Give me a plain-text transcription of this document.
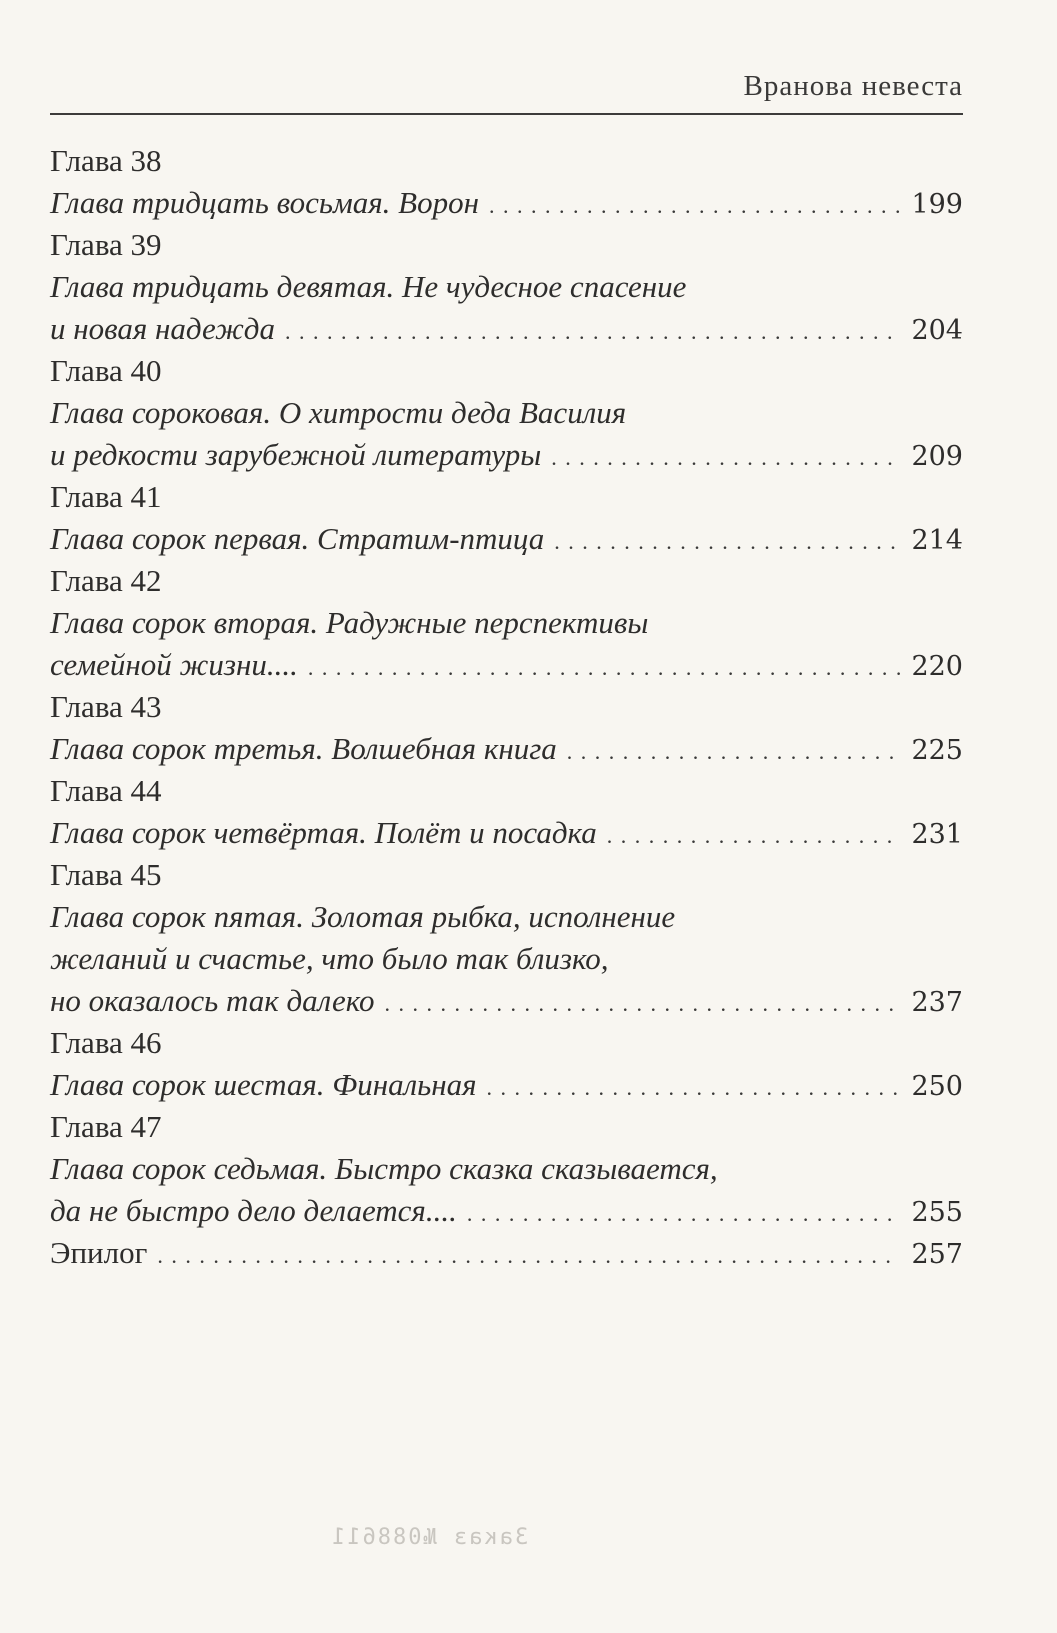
Вранова невеста
Глава 38
Глава тридцать восьмая. Ворон . . .	199
Глава 39
Глава тридцать девятая. Не чудесное спасение
и новая надежда . . .	204
Глава 40
Глава сороковая. О хитрости деда Василия
и редкости зарубежной литературы . . .	209
Глава 41
Глава сорок первая. Стратим-птица . . .	214
Глава 42
Глава сорок вторая. Радужные перспективы
семейной жизни.... . . .	220
Глава 43
Глава сорок третья. Волшебная книга . . .	225
Глава 44
Глава сорок четвёртая. Полёт и посадка . . .	231
Глава 45
Глава сорок пятая. Золотая рыбка, исполнение
желаний и счастье, что было так близко,
но оказалось так далеко . . .	237
Глава 46
Глава сорок шестая. Финальная . . .	250
Глава 47
Глава сорок седьмая. Быстро сказка сказывается,
да не быстро дело делается.... . . .	255
Эпилог . . .	257
Заказ №088611
